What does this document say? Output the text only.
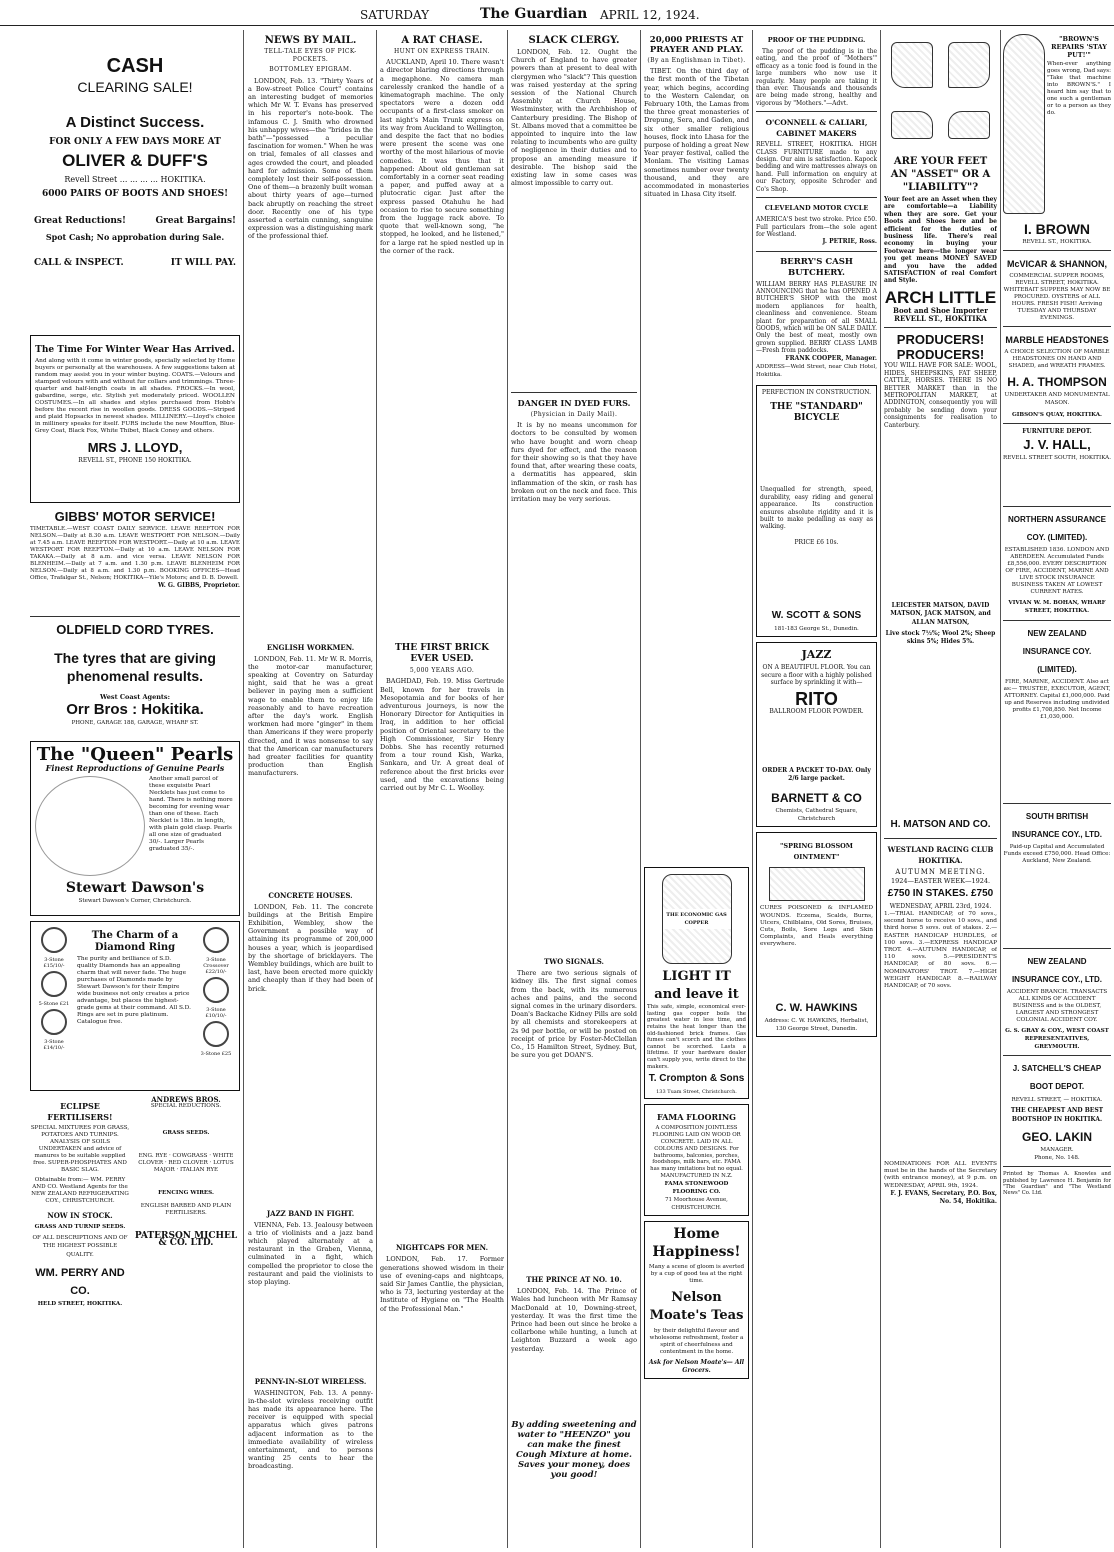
SATURDAY	The Guardian APRIL 12, 1924.
CASH
CLEARING SALE!
A Distinct Success.
FOR ONLY A FEW DAYS MORE AT
OLIVER & DUFF'S
Revell Street ... ... ... ... HOKITIKA.
6000 PAIRS OF BOOTS AND SHOES!
Great Reductions!	Great Bargains!
Spot Cash; No approbation during Sale.
CALL & INSPECT.	IT WILL PAY.
The Time For Winter Wear Has Arrived.
And along with it come in winter goods, specially selected by Home buyers or personally at the warehouses. A few suggestions taken at random may assist you in your winter buying. COATS.—Velours and stamped velours with and without fur collars and trimmings. Three-quarter and half-length coats in all shades. FROCKS.—In wool, gabardine, serge, etc. Stylish yet moderately priced. WOOLLEN COSTUMES.—In all shades and styles purchased from Hobb's before the recent rise in woollen goods. DRESS GOODS.—Striped and plaid Hopsacks in newest shades. MILLINERY.—Lloyd's choice in millinery speaks for itself. FURS include the new Moufflon, Blue-Grey Coat, Black Fox, White Thibet, Black Coney and others.
MRS J. LLOYD,
REVELL ST., PHONE 150 HOKITIKA.
GIBBS' MOTOR SERVICE!
TIMETABLE.—WEST COAST DAILY SERVICE. LEAVE REEFTON FOR NELSON.—Daily at 8.30 a.m. LEAVE WESTPORT FOR NELSON.—Daily at 7.45 a.m. LEAVE REEFTON FOR WESTPORT.—Daily at 10 a.m. LEAVE WESTPORT FOR REEFTON.—Daily at 10 a.m. LEAVE NELSON FOR TAKAKA.—Daily at 8 a.m. and vice versa. LEAVE NELSON FOR BLENHEIM.—Daily at 7 a.m. and 1.30 p.m. LEAVE BLENHEIM FOR NELSON.—Daily at 8 a.m. and 1.30 p.m. BOOKING OFFICES—Head Office, Trafalgar St., Nelson; HOKITIKA—Yile's Motors; and D. B. Dowell.
W. G. GIBBS, Proprietor.
OLDFIELD CORD TYRES.
The tyres that are giving phenomenal results.
West Coast Agents:
Orr Bros : Hokitika.
PHONE, GARAGE 188, GARAGE, WHARF ST.
The "Queen" Pearls
Finest Reproductions of Genuine Pearls
Another small parcel of these exquisite Pearl Necklets has just come to hand. There is nothing more becoming for evening wear than one of these. Each Necklet is 18in. in length, with plain gold clasp. Pearls all one size of graduated 30/-. Larger Pearls graduated 35/-.
Stewart Dawson's
Stewart Dawson's Corner, Christchurch.
3-Stone £15/10/-
5-Stone £21
3-Stone £14/10/-
The Charm of a Diamond Ring
The purity and brilliance of S.D. quality Diamonds has an appealing charm that will never fade. The huge purchases of Diamonds made by Stewart Dawson's for their Empire wide business not only creates a price advantage, but places the highest-grade gems at their command. All S.D. Rings are set in pure platinum. Catalogue free.
3-Stone Crossover £22/10/-
3-Stone £10/10/-
3-Stone £25
ECLIPSE FERTILISERS!
SPECIAL MIXTURES FOR GRASS, POTATOES AND TURNIPS. ANALYSIS OF SOILS UNDERTAKEN and advice of manures to be suitable supplied free. SUPER-PHOSPHATES AND BASIC SLAG.
Obtainable from:— WM. PERRY AND CO. Westland Agents for the NEW ZEALAND REFRIGERATING COY., CHRISTCHURCH.
NOW IN STOCK.
GRASS AND TURNIP SEEDS.
OF ALL DESCRIPTIONS AND OF THE HIGHEST POSSIBLE QUALITY.
WM. PERRY AND CO.
HELD STREET, HOKITIKA.
ANDREWS BROS.
SPECIAL REDUCTIONS.
GRASS SEEDS.
ENG. RYE · COWGRASS · WHITE CLOVER · RED CLOVER · LOTUS MAJOR · ITALIAN RYE
FENCING WIRES.
ENGLISH BARBED AND PLAIN FERTILISERS.
PATERSON MICHEL & CO. LTD.
NEWS BY MAIL.
TELL-TALE EYES OF PICK-POCKETS.
BOTTOMLEY EPIGRAM.

LONDON, Feb. 13. "Thirty Years of a Bow-street Police Court" contains an interesting budget of memories which Mr W. T. Evans has preserved in his reporter's note-book. The infamous C. J. Smith who drowned his unhappy wives—the "brides in the bath"—"possessed a peculiar fascination for women." When he was on trial, females of all classes and ages crowded the court, and pleaded hard for admission. Some of them completely lost their self-possession. One of them—a brazenly built woman about thirty years of age—turned back abruptly on reaching the street door. Recently one of his type asserted a certain cunning, sanguine expression was a distinguishing mark of the professional thief.

ENGLISH WORKMEN.

LONDON, Feb. 11. Mr W. R. Morris, the motor-car manufacturer, speaking at Coventry on Saturday night, said that he was a great believer in paying men a sufficient wage to enable them to enjoy life reasonably and to have recreation after the day's work. English workmen had more "ginger" in them than Americans if they were properly directed, and it was nonsense to say that the American car manufacturers had greater facilities for quantity production than English manufacturers.

CONCRETE HOUSES.

LONDON, Feb. 11. The concrete buildings at the British Empire Exhibition, Wembley, show the Government a possible way of attaining its programme of 200,000 houses a year, which is jeopardised by the shortage of bricklayers. The Wembley buildings, which are built to last, have been erected more quickly and cheaply than if they had been of brick.

JAZZ BAND IN FIGHT.

VIENNA, Feb. 13. Jealousy between a trio of violinists and a jazz band which played alternately at a restaurant in the Graben, Vienna, culminated in a fight, which compelled the proprietor to close the restaurant and paid the violinists to stop playing.

PENNY-IN-SLOT WIRELESS.

WASHINGTON, Feb. 13. A penny-in-the-slot wireless receiving outfit has made its appearance here. The receiver is equipped with special apparatus which gives patrons adjacent information as to the immediate availability of wireless entertainment, and to persons wanting 25 cents to hear the broadcasting.

A RAT CHASE.
HUNT ON EXPRESS TRAIN.

AUCKLAND, April 10. There wasn't a director blaring directions through a megaphone. No camera man carelessly cranked the handle of a kinematograph machine. The only spectators were a dozen odd occupants of a first-class smoker on last night's Main Trunk express on its way from Auckland to Wellington, and despite the fact that no bodies were present the scene was one worthy of the most hilarious of movie comedies. It was thus that it happened: About old gentleman sat comfortably in a corner seat reading a paper, and puffed away at a plutocratic cigar. Just after the express passed Otahuhu he had occasion to rise to secure something from the luggage rack above. To quote that well-known song, "he stopped, he looked, and he listened," for a large rat he spied nestled up in the corner of the rack.

THE FIRST BRICK EVER USED.
5,000 YEARS AGO.

BAGHDAD, Feb. 19. Miss Gertrude Bell, known for her travels in Mesopotamia and for books of her adventurous journeys, is now the Honorary Director for Antiquities in Iraq, in addition to her official position of Oriental secretary to the High Commissioner, Sir Henry Dobbs. She has recently returned from a tour round Kish, Warka, Sankara, and Ur. A great deal of reference about the first bricks ever used, and the excavations being carried out by Mr C. L. Woolley.

NIGHTCAPS FOR MEN.

LONDON, Feb. 17. Former generations showed wisdom in their use of evening-caps and nightcaps, said Sir James Cantlie, the physician, who is 73, lecturing yesterday at the Institute of Hygiene on "The Health of the Professional Man."

SLACK CLERGY.

LONDON, Feb. 12. Ought the Church of England to have greater powers than at present to deal with clergymen who "slack"? This question was raised yesterday at the spring session of the National Church Assembly at Church House, Westminster, with the Archbishop of Canterbury presiding. The Bishop of St. Albans moved that a committee be appointed to inquire into the law relating to incumbents who are guilty of negligence in their duties and to propose an amending measure if desirable. The bishop said the existing law in some cases was almost impossible to carry out.

DANGER IN DYED FURS.
(Physician in Daily Mail).

It is by no means uncommon for doctors to be consulted by women who have bought and worn cheap furs dyed for effect, and the reason for their showing so is that they have found that, after wearing these coats, a dermatitis has appeared, skin inflammation of the skin, or rash has broken out on the neck and face. This irritation may be very serious.

TWO SIGNALS.

There are two serious signals of kidney ills. The first signal comes from the back, with its numerous aches and pains, and the second signal comes in the urinary disorders. Doan's Backache Kidney Pills are sold by all chemists and storekeepers at 2s 9d per bottle, or will be posted on receipt of price by Foster-McClellan Co., 15 Hamilton Street, Sydney. But, be sure you get DOAN'S.

THE PRINCE AT NO. 10.

LONDON, Feb. 14. The Prince of Wales had luncheon with Mr Ramsay MacDonald at 10, Downing-street, yesterday. It was the first time the Prince had been out since he broke a collarbone while hunting, a lunch at Leighton Buzzard a week ago yesterday.

By adding sweetening and water to "HEENZO" you can make the finest Cough Mixture at home. Saves your money, does you good!
20,000 PRIESTS AT PRAYER AND PLAY.
(By an Englishman in Tibet).

TIBET. On the third day of the first month of the Tibetan year, which begins, according to the Western Calendar, on February 10th, the Lamas from the three great monasteries of Drepung, Sera, and Gaden, and six other smaller religious houses, flock into Lhasa for the purpose of holding a great New Year prayer festival, called the Monlam. The visiting Lamas sometimes number over twenty thousand, and they are accommodated in monasteries situated in Lhasa City itself.

THE ECONOMIC GAS COPPER
LIGHT IT and leave it
This safe, simple, economical ever-lasting gas copper boils the greatest water in less time, and retains the heat longer than the old-fashioned brick frames. Gas fumes can't scorch and the clothes cannot be scorched. Lasts a lifetime. If your hardware dealer can't supply you, write direct to the makers.
T. Crompton & Sons
133 Tuam Street, Christchurch.
FAMA FLOORING
A COMPOSITION JOINTLESS FLOORING LAID ON WOOD OR CONCRETE. LAID IN ALL COLOURS AND DESIGNS. For bathrooms, balconies, porches, foodshops, milk bars, etc. FAMA has many imitations but no equal. MANUFACTURED IN N.Z.
FAMA STONEWOOD FLOORING CO.
71 Moorhouse Avenue, CHRISTCHURCH.
Home Happiness!
Many a scene of gloom is averted by a cup of good tea at the right time.
Nelson Moate's Teas
by their delightful flavour and wholesome refreshment, foster a spirit of cheerfulness and contentment in the home.
Ask for Nelson Moate's— All Grocers.
PROOF OF THE PUDDING.

The proof of the pudding is in the eating, and the proof of "Mothers'" efficacy as a tonic food is found in the large numbers who now use it regularly. Many people are taking it than ever. Thousands and thousands are being made strong, healthy and vigorous by "Mothers."—Advt.

O'CONNELL & CALIARI, CABINET MAKERS

REVELL STREET, HOKITIKA. HIGH CLASS FURNITURE made to any design. Our aim is satisfaction. Kapock bedding and wire mattresses always on hand. Full information on enquiry at our Factory, opposite Schroder and Co's Shop.

CLEVELAND MOTOR CYCLE

AMERICA'S best two stroke. Price £50. Full particulars from—the sole agent for Westland.

J. PETRIE, Ross.
BERRY'S CASH BUTCHERY.

WILLIAM BERRY HAS PLEASURE IN ANNOUNCING that he has OPENED A BUTCHER'S SHOP with the most modern appliances for health, cleanliness and convenience. Steam plant for preparation of all SMALL GOODS, which will be ON SALE DAILY. Only the best of meat, mostly own grown supplied. BERRY CLASS LAMB—Fresh from paddocks.

FRANK COOPER, Manager.
ADDRESS—Weld Street, near Club Hotel, Hokitika.
PERFECTION IN CONSTRUCTION.
THE "STANDARD" BICYCLE
Unequalled for strength, speed, durability, easy riding and general appearance. Its construction ensures absolute rigidity and it is built to make pedalling as easy as walking.
PRICE £6 10s.
W. SCOTT & SONS
181-183 George St., Dunedin.
JAZZ
ON A BEAUTIFUL FLOOR. You can secure a floor with a highly polished surface by sprinkling it with—
RITO
BALLROOM FLOOR POWDER.
ORDER A PACKET TO-DAY. Only 2/6 large packet.
BARNETT & CO
Chemists, Cathedral Square, Christchurch
"SPRING BLOSSOM OINTMENT"
CURES POISONED & INFLAMED WOUNDS. Eczema, Scalds, Burns, Ulcers, Chilblains, Old Sores, Bruises, Cuts, Boils, Sore Legs and Skin Complaints, and Heals everything everywhere.
C. W. HAWKINS
Address: C. W. HAWKINS, Herbalist, 130 George Street, Dunedin.
ARE YOUR FEET AN "ASSET" OR A "LIABILITY"?
Your feet are an Asset when they are comfortable—a Liability when they are sore. Get your Boots and Shoes here and be efficient for the duties of business life. There's real economy in buying your Footwear here—the longer wear you get means MONEY SAVED and you have the added SATISFACTION of real Comfort and Style.
ARCH LITTLE
Boot and Shoe Importer
REVELL ST., HOKITIKA
PRODUCERS! PRODUCERS!

YOU WILL HAVE FOR SALE: WOOL, HIDES, SHEEPSKINS, FAT SHEEP, CATTLE, HORSES. THERE IS NO BETTER MARKET than in the METROPOLITAN MARKET, at ADDINGTON, consequently you will probably be sending down your consignments for realisation to Canterbury.

LEICESTER MATSON, DAVID MATSON, JACK MATSON, and ALLAN MATSON,
Live stock 7½%; Wool 2%; Sheep skins 5%; Hides 5%.
H. MATSON AND CO.
WESTLAND RACING CLUB HOKITIKA.
AUTUMN MEETING.
1924—EASTER WEEK—1924.
£750 IN STAKES. £750
WEDNESDAY, APRIL 23rd, 1924.

1.—TRIAL HANDICAP, of 70 sovs., second horse to receive 10 sovs., and third horse 5 sovs. out of stakes. 2.—EASTER HANDICAP HURDLES, of 100 sovs. 3.—EXPRESS HANDICAP TROT. 4.—AUTUMN HANDICAP, of 110 sovs. 5.—PRESIDENT'S HANDICAP, of 80 sovs. 6.—NOMINATORS' TROT. 7.—HIGH WEIGHT HANDICAP. 8.—RAILWAY HANDICAP, of 70 sovs.

NOMINATIONS FOR ALL EVENTS must be in the hands of the Secretary (with entrance money), at 9 p.m. on WEDNESDAY, APRIL 9th, 1924.

F. J. EVANS, Secretary, P.O. Box, No. 54, Hokitika.
"BROWN'S REPAIRS 'STAY PUT!'"
When-ever anything goes wrong, Dad says: "Take that machine into BROWN'S." I heard him say that to one such a gentleman or to a person as they do.
I. BROWN
REVELL ST., HOKITIKA.
McVICAR & SHANNON,
COMMERCIAL SUPPER ROOMS, REVELL STREET, HOKITIKA. WHITEBAIT SUPPERS MAY NOW BE PROCURED. OYSTERS of ALL HOURS. FRESH FISH! Arriving TUESDAY AND THURSDAY EVENINGS.
MARBLE HEADSTONES
A CHOICE SELECTION OF MARBLE HEADSTONES ON HAND AND SHADED, and WREATH FRAMES.
H. A. THOMPSON
UNDERTAKER AND MONUMENTAL MASON.
GIBSON'S QUAY, HOKITIKA.
FURNITURE DEPOT.
J. V. HALL,
REVELL STREET SOUTH, HOKITIKA.
NORTHERN ASSURANCE COY. (LIMITED).
ESTABLISHED 1836. LONDON AND ABERDEEN. Accumulated Funds £8,556,000. EVERY DESCRIPTION OF FIRE, ACCIDENT, MARINE AND LIVE STOCK INSURANCE BUSINESS TAKEN AT LOWEST CURRENT RATES.
VIVIAN W. M. BOHAN, WHARF STREET, HOKITIKA.
NEW ZEALAND INSURANCE COY. (LIMITED).
FIRE, MARINE, ACCIDENT. Also act as:— TRUSTEE, EXECUTOR, AGENT, ATTORNEY. Capital £1,000,000. Paid up and Reserves including undivided profits £1,708,850. Net Income £1,030,000.
SOUTH BRITISH INSURANCE COY., LTD.
Paid-up Capital and Accumulated Funds exceed £750,000. Head Office: Auckland, New Zealand.
NEW ZEALAND INSURANCE COY., LTD.
ACCIDENT BRANCH. TRANSACTS ALL KINDS OF ACCIDENT BUSINESS and is the OLDEST, LARGEST AND STRONGEST COLONIAL ACCIDENT COY.
G. S. GRAY & COY., WEST COAST REPRESENTATIVES, GREYMOUTH.
J. SATCHELL'S CHEAP BOOT DEPOT.
REVELL STREET, — HOKITIKA.
THE CHEAPEST AND BEST BOOTSHOP IN HOKITIKA.
GEO. LAKIN
MANAGER.
Phone, No. 148.
Printed by Thomas A. Knowles and published by Lawrence H. Benjamin for "The Guardian" and "The Westland News" Co. Ltd.
